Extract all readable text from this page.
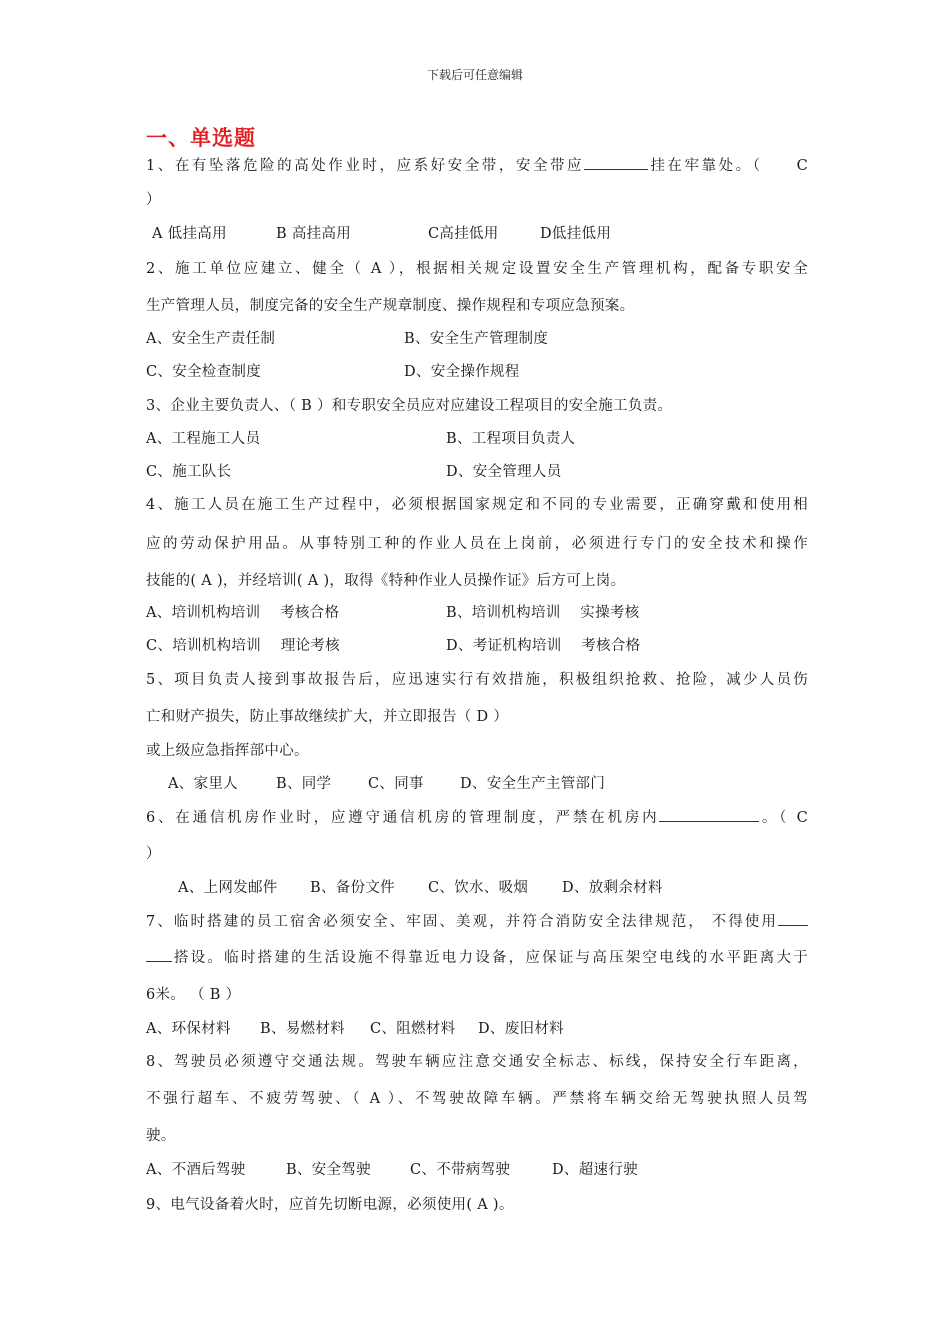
下载后可任意编辑
一、单选题
1、在有坠落危险的高处作业时，应系好安全带，安全带应	挂在牢靠处。（　　C
）
A 低挂高用	B 高挂高用	C高挂低用	D低挂低用
2、施工单位应建立、健全（ A ），根据相关规定设置安全生产管理机构，配备专职安全
生产管理人员，制度完备的安全生产规章制度、操作规程和专项应急预案。
A、安全生产责任制	B、安全生产管理制度
C、安全检查制度	D、安全操作规程
3、企业主要负责人、（ B ）和专职安全员应对应建设工程项目的安全施工负责。
A、工程施工人员	B、工程项目负责人
C、施工队长	D、安全管理人员
4、施工人员在施工生产过程中，必须根据国家规定和不同的专业需要，正确穿戴和使用相
应的劳动保护用品。从事特别工种的作业人员在上岗前，必须进行专门的安全技术和操作
技能的( A )，并经培训( A )，取得《特种作业人员操作证》后方可上岗。
A、培训机构培训　 考核合格	B、培训机构培训　 实操考核
C、培训机构培训　 理论考核	D、考证机构培训　 考核合格
5、项目负责人接到事故报告后，应迅速实行有效措施，积极组织抢救、抢险，减少人员伤
亡和财产损失，防止事故继续扩大，并立即报告（ D ）
或上级应急指挥部中心。
A、家里人	B、同学	C、同事 D、安全生产主管部门
6、在通信机房作业时，应遵守通信机房的管理制度，严禁在机房内	。（ C
）
A、上网发邮件 B、备份文件 C、饮水、吸烟 D、放剩余材料
7、临时搭建的员工宿舍必须安全、牢固、美观，并符合消防安全法律规范， 不得使用
搭设。临时搭建的生活设施不得靠近电力设备，应保证与高压架空电线的水平距离大于
6米。 （ B ）
A、环保材料 B、易燃材料 C、阻燃材料 D、废旧材料
8、驾驶员必须遵守交通法规。驾驶车辆应注意交通安全标志、标线，保持安全行车距离，
不强行超车、不疲劳驾驶、（ A ）、不驾驶故障车辆。严禁将车辆交给无驾驶执照人员驾
驶。
A、不酒后驾驶	B、安全驾驶	C、不带病驾驶	D、超速行驶
9、电气设备着火时，应首先切断电源，必须使用( A )。
